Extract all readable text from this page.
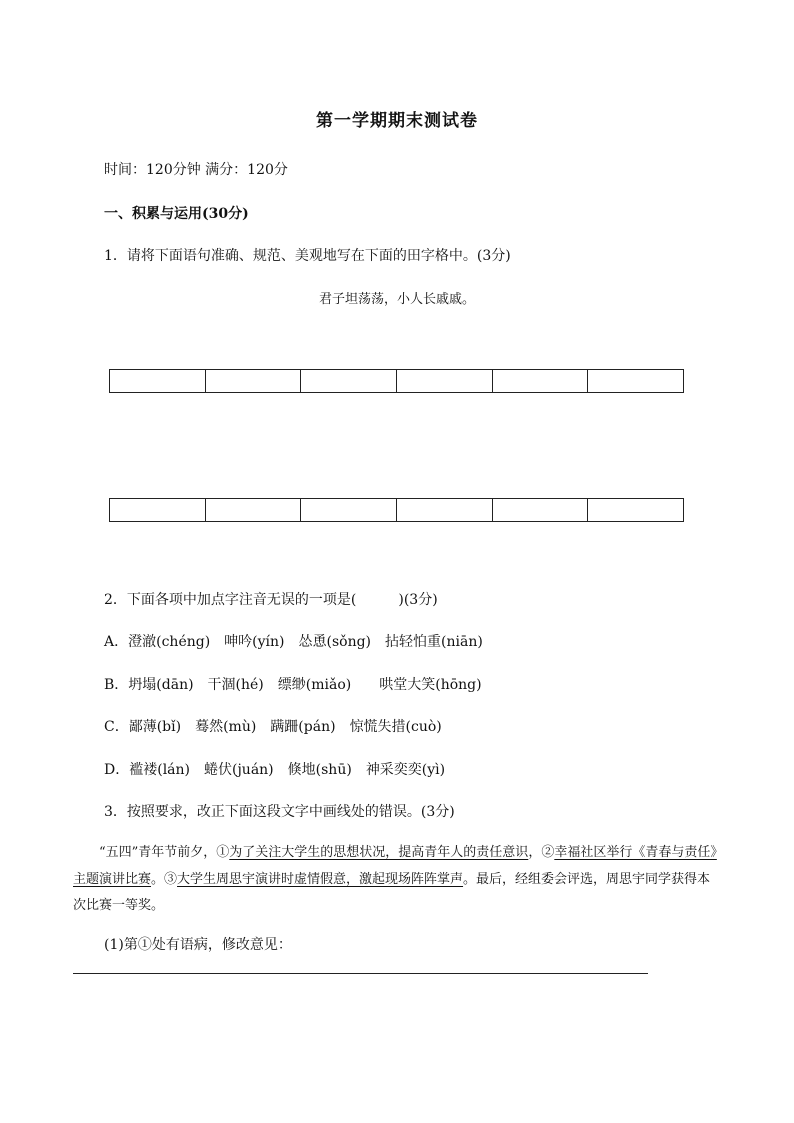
第一学期期末测试卷
时间：120分钟 满分：120分
一、积累与运用(30分)
1．请将下面语句准确、规范、美观地写在下面的田字格中。(3分)
君子坦荡荡，小人长戚戚。
2．下面各项中加点字注音无误的一项是(　　　)(3分)
A．澄澈(chéng) 呻吟(yín) 怂恿(sǒng) 拈轻怕重(niān)
B．坍塌(dān) 干涸(hé) 缥缈(miǎo)　哄堂大笑(hōng)
C．鄙薄(bǐ) 蓦然(mù) 蹒跚(pán) 惊慌失措(cuò)
D．褴褛(lán) 蜷伏(juán) 倏地(shū) 神采奕奕(yì)
3．按照要求，改正下面这段文字中画线处的错误。(3分)
“五四”青年节前夕，①为了关注大学生的思想状况，提高青年人的责任意识，②幸福社区举行《青春与责任》主题演讲比赛。③大学生周思宇演讲时虚情假意，激起现场阵阵掌声。最后，经组委会评选，周思宇同学获得本次比赛一等奖。
(1)第①处有语病，修改意见：
